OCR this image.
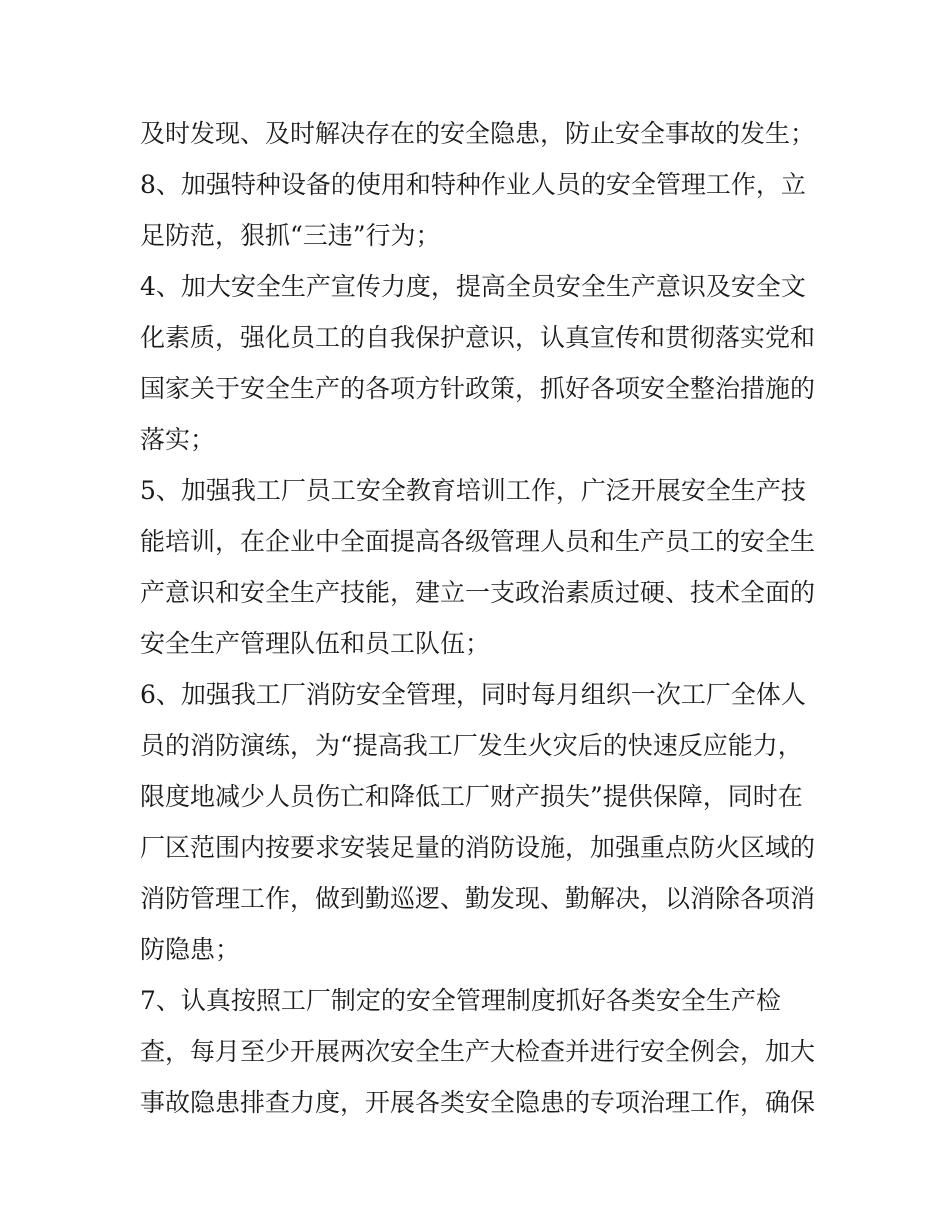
及时发现、及时解决存在的安全隐患，防止安全事故的发生；
8、加强特种设备的使用和特种作业人员的安全管理工作，立
足防范，狠抓“三违”行为；
4、加大安全生产宣传力度，提高全员安全生产意识及安全文
化素质，强化员工的自我保护意识，认真宣传和贯彻落实党和
国家关于安全生产的各项方针政策，抓好各项安全整治措施的
落实；
5、加强我工厂员工安全教育培训工作，广泛开展安全生产技
能培训，在企业中全面提高各级管理人员和生产员工的安全生
产意识和安全生产技能，建立一支政治素质过硬、技术全面的
安全生产管理队伍和员工队伍；
6、加强我工厂消防安全管理，同时每月组织一次工厂全体人
员的消防演练，为“提高我工厂发生火灾后的快速反应能力，
限度地减少人员伤亡和降低工厂财产损失”提供保障，同时在
厂区范围内按要求安装足量的消防设施，加强重点防火区域的
消防管理工作，做到勤巡逻、勤发现、勤解决，以消除各项消
防隐患；
7、认真按照工厂制定的安全管理制度抓好各类安全生产检
查，每月至少开展两次安全生产大检查并进行安全例会，加大
事故隐患排查力度，开展各类安全隐患的专项治理工作，确保
